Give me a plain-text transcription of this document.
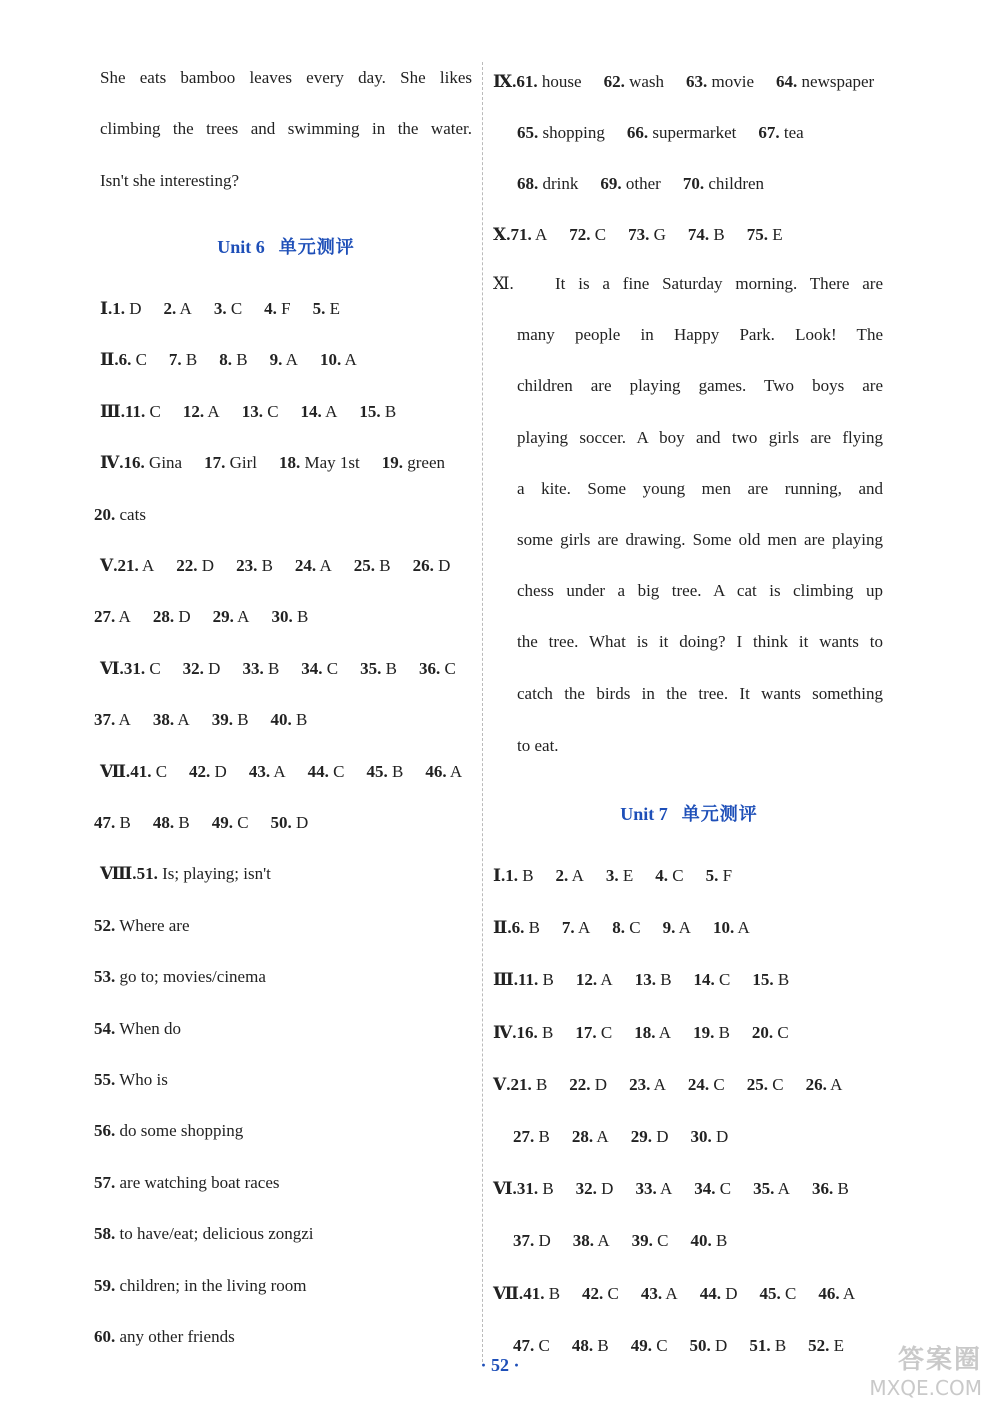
She eats bamboo leaves every day. She likes
climbing the trees and swimming in the water.
Isn't she interesting?
Unit 6 单元测评
Ⅰ.1. D 2. A 3. C 4. F 5. E
Ⅱ.6. C 7. B 8. B 9. A 10. A
Ⅲ.11. C 12. A 13. C 14. A 15. B
Ⅳ.16. Gina 17. Girl 18. May 1st 19. green
20. cats
Ⅴ.21. A 22. D 23. B 24. A 25. B 26. D
27. A 28. D 29. A 30. B
Ⅵ.31. C 32. D 33. B 34. C 35. B 36. C
37. A 38. A 39. B 40. B
Ⅶ.41. C 42. D 43. A 44. C 45. B 46. A
47. B 48. B 49. C 50. D
Ⅷ.51. Is; playing; isn't
52. Where are
53. go to; movies/cinema
54. When do
55. Who is
56. do some shopping
57. are watching boat races
58. to have/eat; delicious zongzi
59. children; in the living room
60. any other friends
Ⅸ.61. house 62. wash 63. movie 64. newspaper
65. shopping 66. supermarket 67. tea
68. drink 69. other 70. children
Ⅹ.71. A 72. C 73. G 74. B 75. E
Ⅺ. It is a fine Saturday morning. There are
many people in Happy Park. Look! The
children are playing games. Two boys are
playing soccer. A boy and two girls are flying
a kite. Some young men are running, and
some girls are drawing. Some old men are playing
chess under a big tree. A cat is climbing up
the tree. What is it doing? I think it wants to
catch the birds in the tree. It wants something
to eat.
Unit 7 单元测评
Ⅰ.1. B 2. A 3. E 4. C 5. F
Ⅱ.6. B 7. A 8. C 9. A 10. A
Ⅲ.11. B 12. A 13. B 14. C 15. B
Ⅳ.16. B 17. C 18. A 19. B 20. C
Ⅴ.21. B 22. D 23. A 24. C 25. C 26. A
27. B 28. A 29. D 30. D
Ⅵ.31. B 32. D 33. A 34. C 35. A 36. B
37. D 38. A 39. C 40. B
Ⅶ.41. B 42. C 43. A 44. D 45. C 46. A
47. C 48. B 49. C 50. D 51. B 52. E
· 52 ·	答案圈
MXQE.COM
